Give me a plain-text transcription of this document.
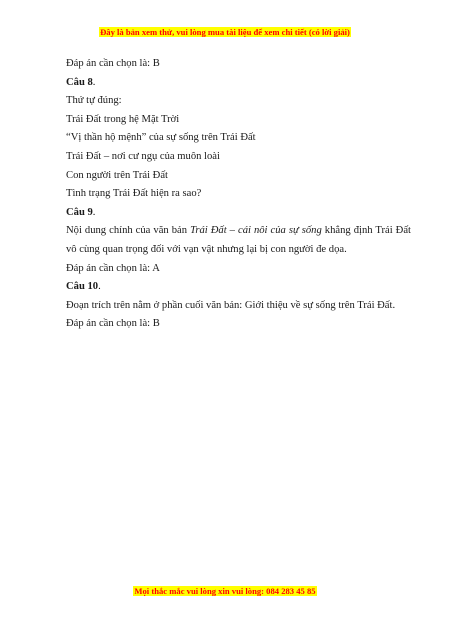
Đây là bản xem thử, vui lòng mua tài liệu để xem chi tiết (có lời giải)
Đáp án cần chọn là: B
Câu 8.
Thứ tự đúng:
Trái Đất trong hệ Mặt Trời
“Vị thần hộ mệnh” của sự sống trên Trái Đất
Trái Đất – nơi cư ngụ của muôn loài
Con người trên Trái Đất
Tình trạng Trái Đất hiện ra sao?
Câu 9.
Nội dung chính của văn bản Trái Đất – cái nôi của sự sống khẳng định Trái Đất vô cùng quan trọng đối với vạn vật nhưng lại bị con người đe dọa.
Đáp án cần chọn là: A
Câu 10.
Đoạn trích trên nằm ở phần cuối văn bản: Giới thiệu về sự sống trên Trái Đất.
Đáp án cần chọn là: B
Mọi thắc mắc vui lòng xin vui lòng: 084 283 45 85
